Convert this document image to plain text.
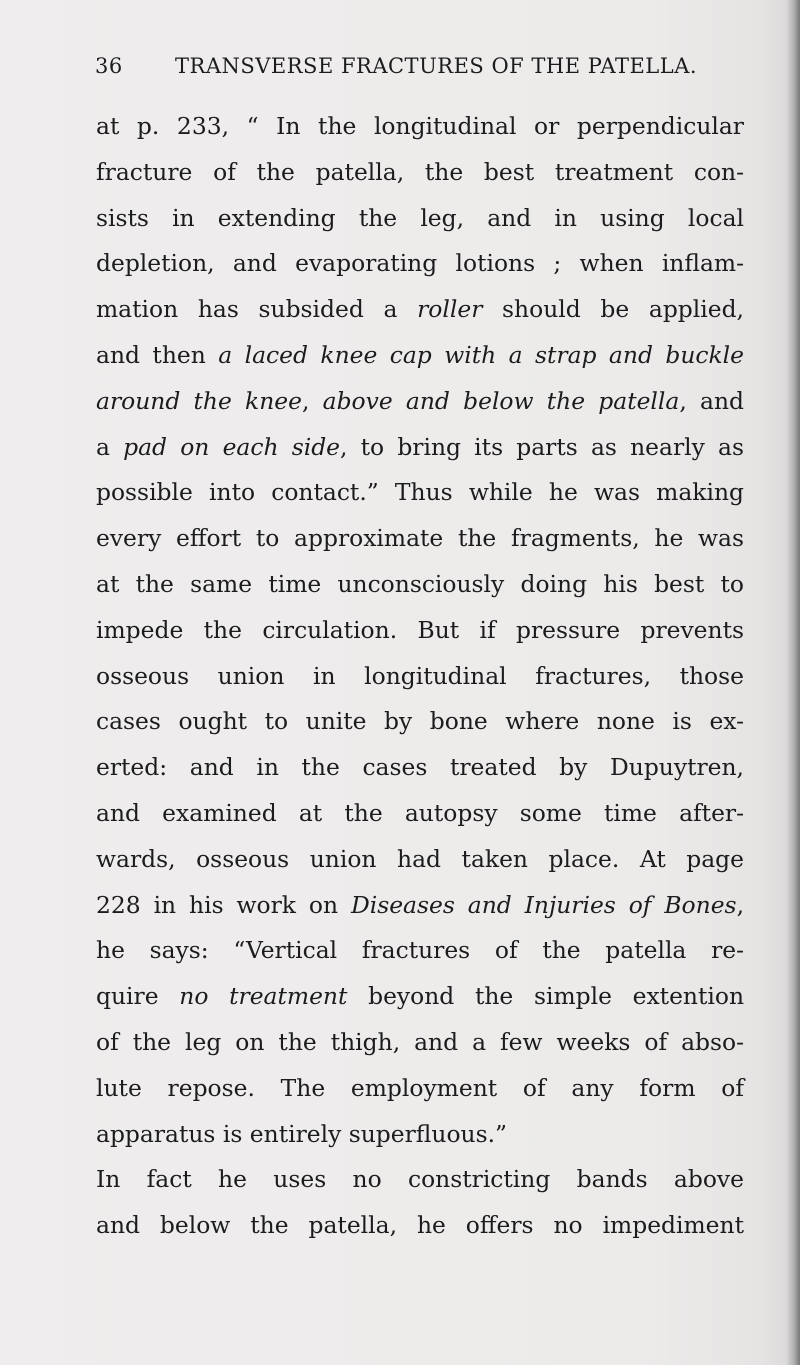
36 TRANSVERSE FRACTURES OF THE PATELLA.
at p. 233, “ In the longitudinal or perpendicular
fracture of the patella, the best treatment con-
sists in extending the leg, and in using local
depletion, and evaporating lotions ; when inflam-
mation has subsided a roller should be applied,
and then a laced knee cap with a strap and buckle
around the knee, above and below the patella, and
a pad on each side, to bring its parts as nearly as
possible into contact.” Thus while he was making
every effort to approximate the fragments, he was
at the same time unconsciously doing his best to
impede the circulation. But if pressure prevents
osseous union in longitudinal fractures, those
cases ought to unite by bone where none is ex-
erted: and in the cases treated by Dupuytren,
and examined at the autopsy some time after-
wards, osseous union had taken place. At page
228 in his work on Diseases and Injuries of Bones,
he says: “Vertical fractures of the patella re-
quire no treatment beyond the simple extention
of the leg on the thigh, and a few weeks of abso-
lute repose. The employment of any form of
apparatus is entirely superfluous.”
In fact he uses no constricting bands above
and below the patella, he offers no impediment
